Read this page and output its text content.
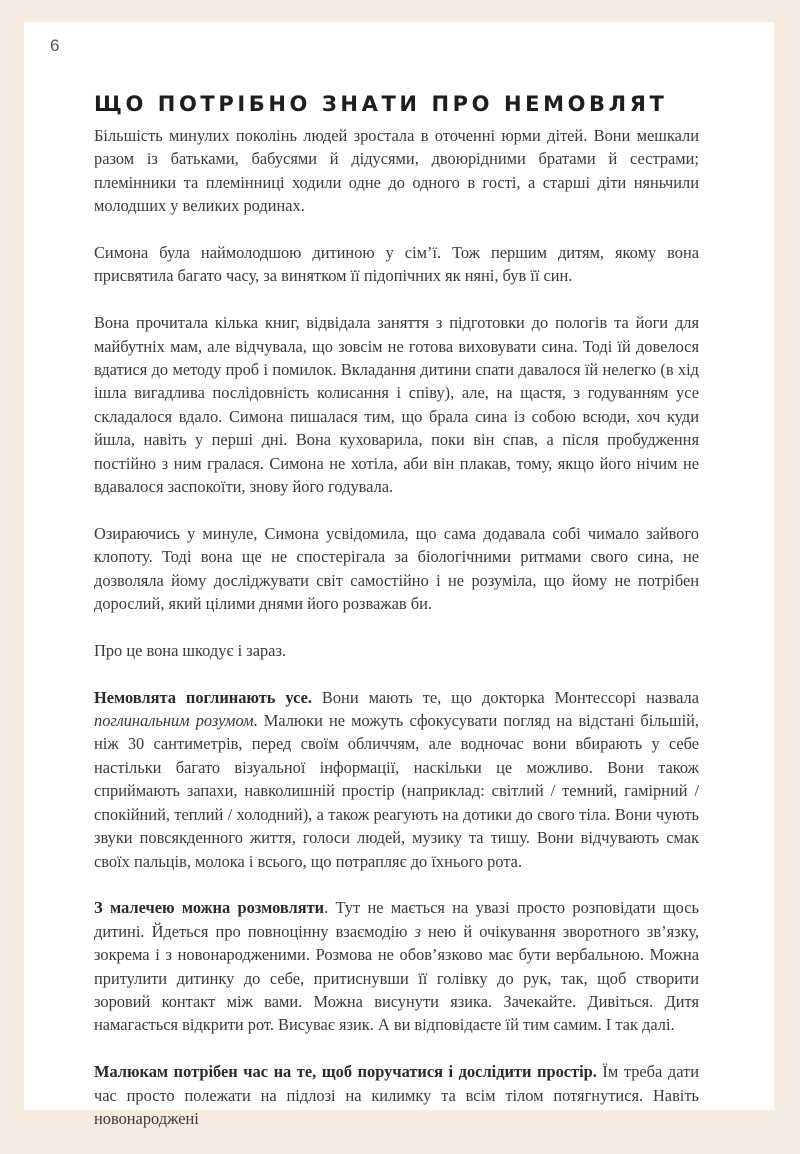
6
ЩО ПОТРІБНО ЗНАТИ ПРО НЕМОВЛЯТ

Більшість минулих поколінь людей зростала в оточенні юрми дітей. Вони мешкали разом із батьками, бабусями й дідусями, двоюрідними братами й сестрами; племінники та племінниці ходили одне до одного в гості, а старші діти няньчили молодших у великих родинах.

Симона була наймолодшою дитиною у сім’ї. Тож першим дитям, якому вона присвятила багато часу, за винятком її підопічних як няні, був її син.

Вона прочитала кілька книг, відвідала заняття з підготовки до пологів та йоги для майбутніх мам, але відчувала, що зовсім не готова виховувати сина. Тоді їй довелося вдатися до методу проб і помилок. Вкладання дитини спати давалося їй нелегко (в хід ішла вигадлива послідовність колисання і співу), але, на щастя, з годуванням усе складалося вдало. Симона пишалася тим, що брала сина із собою всюди, хоч куди йшла, навіть у перші дні. Вона куховарила, поки він спав, а після пробудження постійно з ним гралася. Симона не хотіла, аби він плакав, тому, якщо його нічим не вдавалося заспокоїти, знову його годувала.

Озираючись у минуле, Симона усвідомила, що сама додавала собі чимало зайвого клопоту. Тоді вона ще не спостерігала за біологічними ритмами свого сина, не дозволяла йому досліджувати світ самостійно і не розуміла, що йому не потрібен дорослий, який цілими днями його розважав би.

Про це вона шкодує і зараз.

Немовлята поглинають усе. Вони мають те, що докторка Монтессорі назвала поглинальним розумом. Малюки не можуть сфокусувати погляд на відстані більшій, ніж 30 сантиметрів, перед своїм обличчям, але водночас вони вбирають у себе настільки багато візуальної інформації, наскільки це можливо. Вони також сприймають запахи, навколишній простір (наприклад: світлий / темний, гамірний / спокійний, теплий / холодний), а також реагують на дотики до свого тіла. Вони чують звуки повсякденного життя, голоси людей, музику та тишу. Вони відчувають смак своїх пальців, молока і всього, що потрапляє до їхнього рота.

З малечею можна розмовляти. Тут не мається на увазі просто розповідати щось дитині. Йдеться про повноцінну взаємодію з нею й очікування зворотного зв’язку, зокрема і з новонародженими. Розмова не обов’язково має бути вербальною. Можна притулити дитинку до себе, притиснувши її голівку до рук, так, щоб створити зоровий контакт між вами. Можна висунути язика. Зачекайте. Дивіться. Дитя намагається відкрити рот. Висуває язик. А ви відповідаєте їй тим самим. І так далі.

Малюкам потрібен час на те, щоб поручатися і дослідити простір. Їм треба дати час просто полежати на підлозі на килимку та всім тілом потягнутися. Навіть новонароджені
